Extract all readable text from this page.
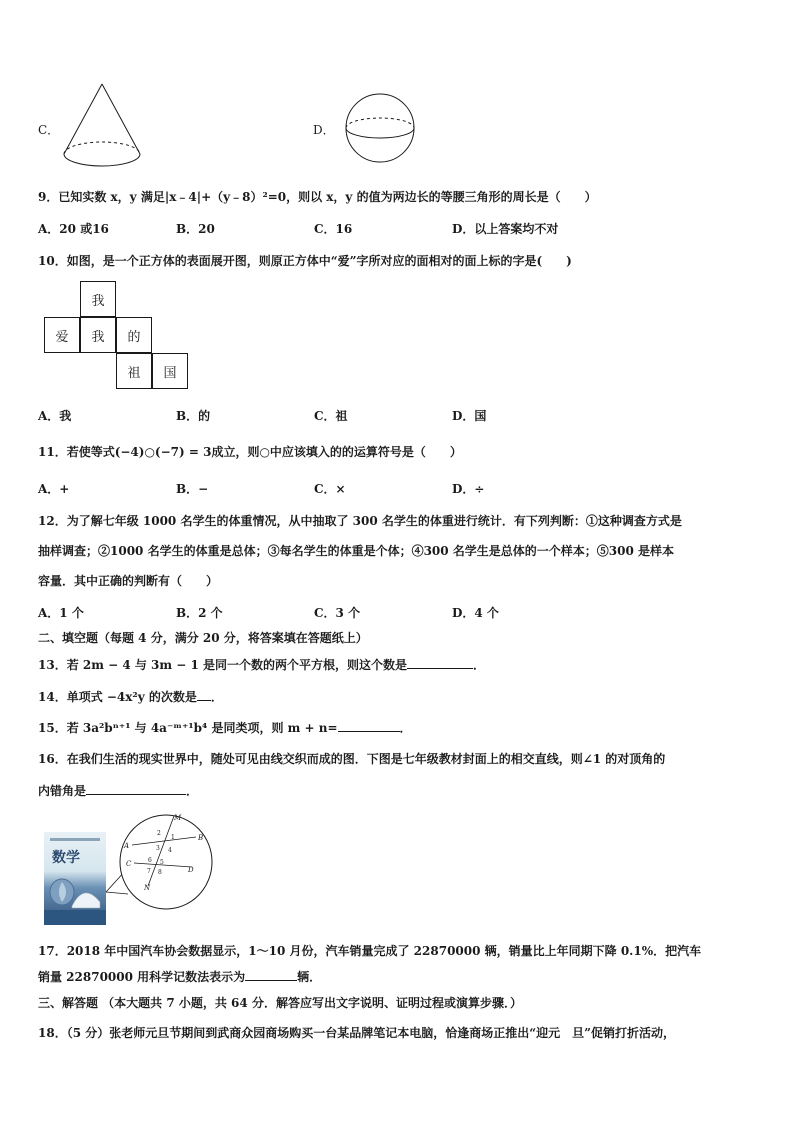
C．	D．
9．已知实数 x，y 满足|x﹣4|+（y﹣8）²=0，则以 x，y 的值为两边长的等腰三角形的周长是（　　）
A．20 或16	B．20	C．16	D．以上答案均不对
10．如图，是一个正方体的表面展开图，则原正方体中“爱”字所对应的面相对的面上标的字是(　　)
我
爱	我	的
祖	国
A．我	B．的	C．祖	D．国
11．若使等式(−4)○(−7) = 3成立，则○中应该填入的的运算符号是（　　）
A．+	B．−	C．×	D．÷
12．为了解七年级 1000 名学生的体重情况，从中抽取了 300 名学生的体重进行统计．有下列判断：①这种调查方式是
抽样调查；②1000 名学生的体重是总体；③每名学生的体重是个体；④300 名学生是总体的一个样本；⑤300 是样本
容量．其中正确的判断有（　　）
A．1 个	B．2 个	C．3 个	D．4 个
二、填空题（每题 4 分，满分 20 分，将答案填在答题纸上）
13．若 2m − 4 与 3m − 1 是同一个数的两个平方根，则这个数是	．
14．单项式 −4x²y 的次数是 ．
15．若 3a²bⁿ⁺¹ 与 4a⁻ᵐ⁺¹b⁴ 是同类项，则 m + n=	．
16．在我们生活的现实世界中，随处可见由线交织而成的图．下图是七年级教材封面上的相交直线，则∠1 的对顶角的
内错角是	．
数学
M
A
B
C
D
N
2
1
3 4
6 5
7 8
17．2018 年中国汽车协会数据显示，1～10 月份，汽车销量完成了 22870000 辆，销量比上年同期下降 0.1%．把汽车
销量 22870000 用科学记数法表示为	辆．
三、解答题 （本大题共 7 小题，共 64 分．解答应写出文字说明、证明过程或演算步骤．）
18．（5 分）张老师元旦节期间到武商众园商场购买一台某品牌笔记本电脑，恰逢商场正推出“迎元　旦”促销打折活动，
